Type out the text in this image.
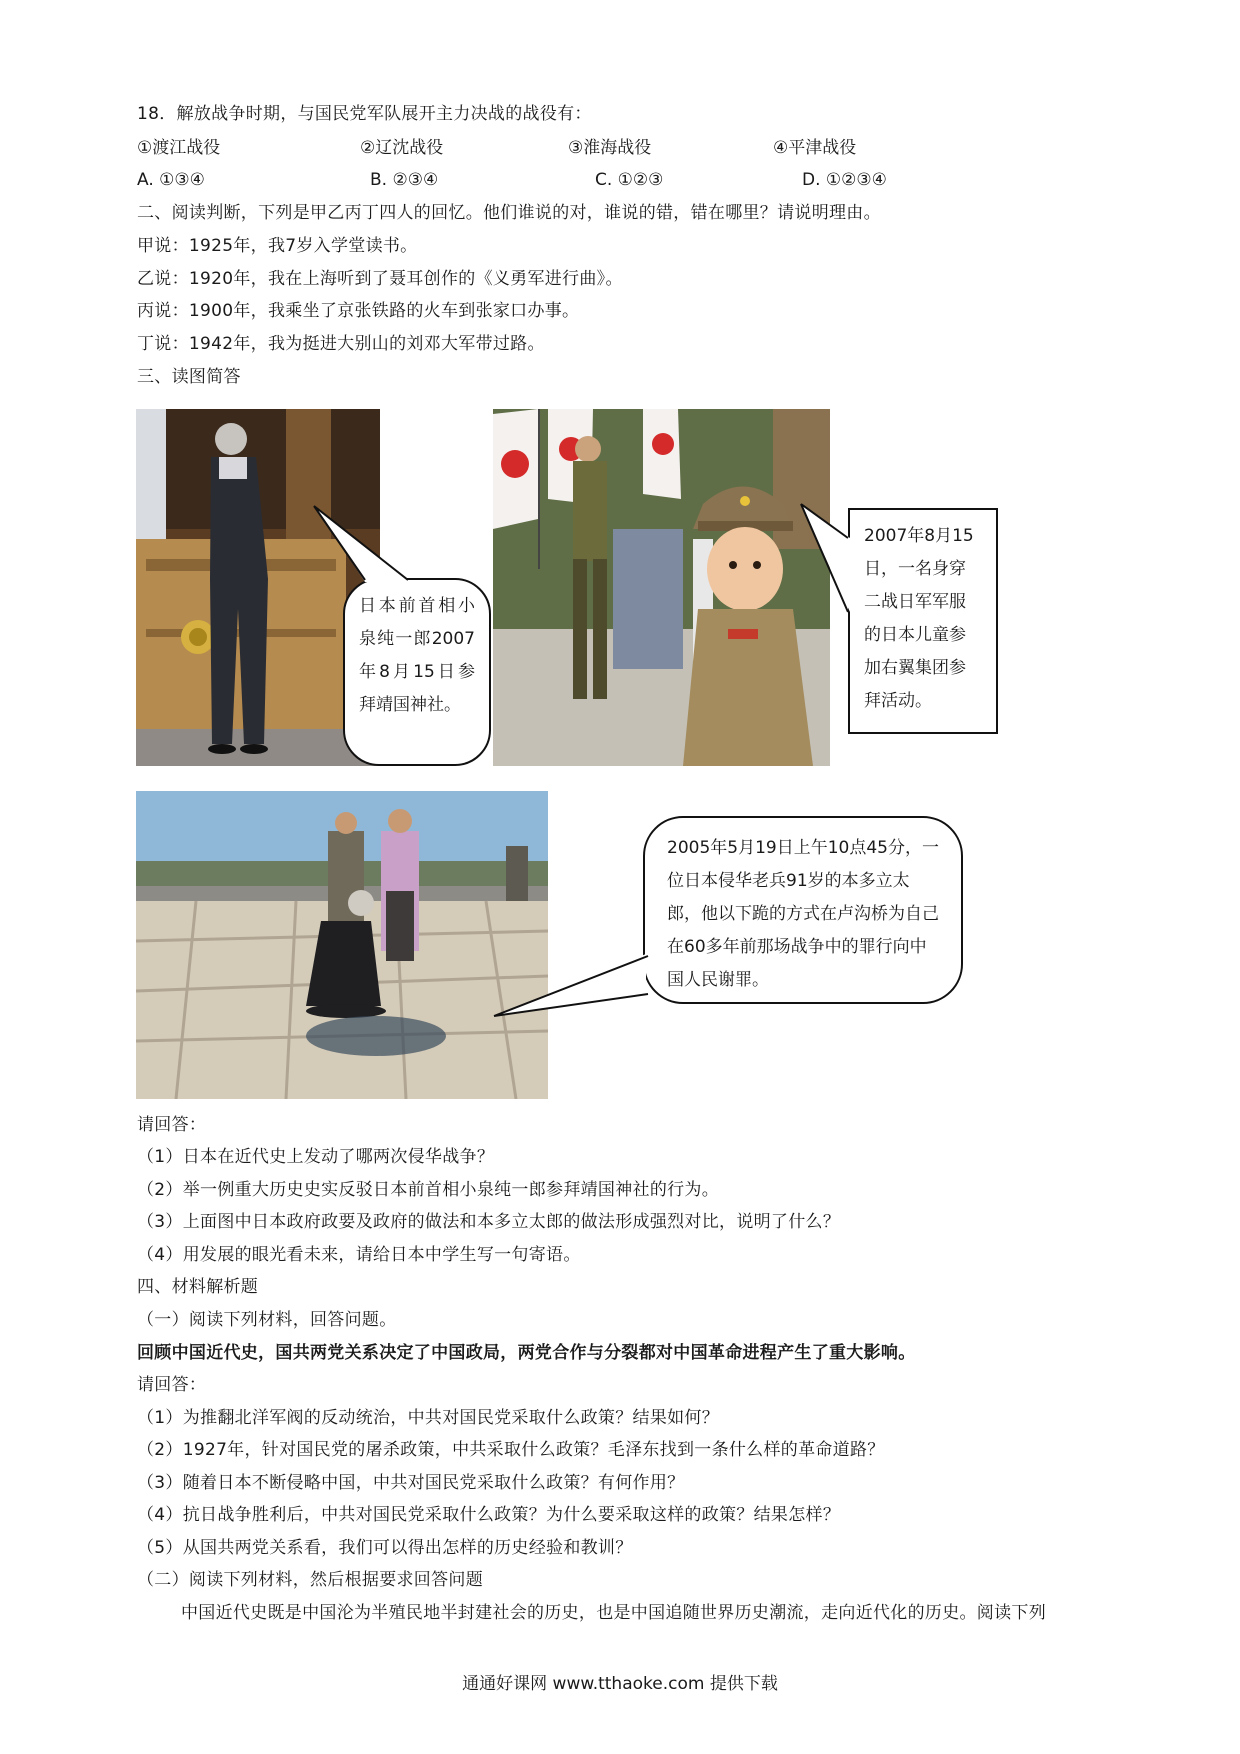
18．解放战争时期，与国民党军队展开主力决战的战役有：
①渡江战役	②辽沈战役	③淮海战役	④平津战役
A. ①③④	B. ②③④	C. ①②③	D. ①②③④
二、阅读判断，下列是甲乙丙丁四人的回忆。他们谁说的对，谁说的错，错在哪里？请说明理由。
甲说：1925年，我7岁入学堂读书。
乙说：1920年，我在上海听到了聂耳创作的《义勇军进行曲》。
丙说：1900年，我乘坐了京张铁路的火车到张家口办事。
丁说：1942年，我为挺进大别山的刘邓大军带过路。
三、读图简答
日本前首相小泉纯一郎2007年8月15日参拜靖国神社。
2007年8月15日，一名身穿二战日军军服的日本儿童参加右翼集团参拜活动。
2005年5月19日上午10点45分，一位日本侵华老兵91岁的本多立太郎，他以下跪的方式在卢沟桥为自己在60多年前那场战争中的罪行向中国人民谢罪。
请回答：
（1）日本在近代史上发动了哪两次侵华战争？
（2）举一例重大历史史实反驳日本前首相小泉纯一郎参拜靖国神社的行为。
（3）上面图中日本政府政要及政府的做法和本多立太郎的做法形成强烈对比，说明了什么？
（4）用发展的眼光看未来，请给日本中学生写一句寄语。
四、材料解析题
（一）阅读下列材料，回答问题。
回顾中国近代史，国共两党关系决定了中国政局，两党合作与分裂都对中国革命进程产生了重大影响。
请回答：
（1）为推翻北洋军阀的反动统治，中共对国民党采取什么政策？结果如何？
（2）1927年，针对国民党的屠杀政策，中共采取什么政策？毛泽东找到一条什么样的革命道路？
（3）随着日本不断侵略中国，中共对国民党采取什么政策？有何作用？
（4）抗日战争胜利后，中共对国民党采取什么政策？为什么要采取这样的政策？结果怎样？
（5）从国共两党关系看，我们可以得出怎样的历史经验和教训？
（二）阅读下列材料，然后根据要求回答问题
中国近代史既是中国沦为半殖民地半封建社会的历史，也是中国追随世界历史潮流，走向近代化的历史。阅读下列
通通好课网 www.tthaoke.com 提供下载
